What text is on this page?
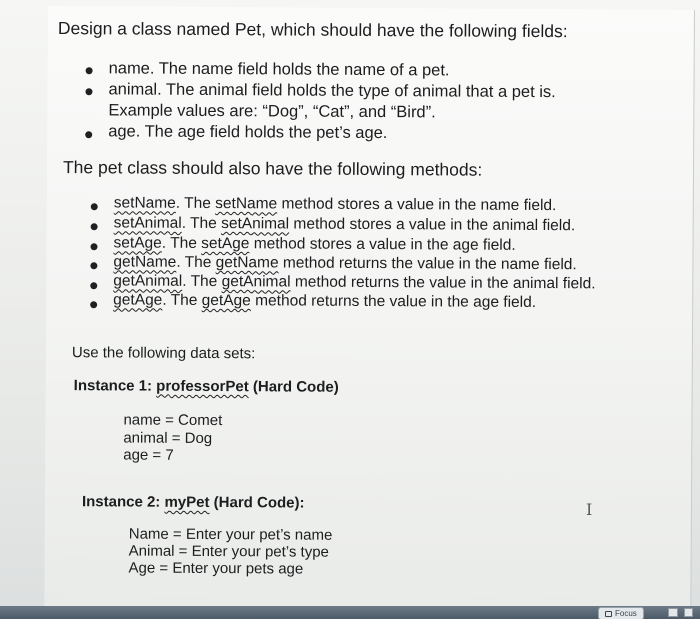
Design a class named Pet, which should have the following fields:
name. The name field holds the name of a pet.
animal. The animal field holds the type of animal that a pet is.
Example values are: “Dog”, “Cat”, and “Bird”.
age. The age field holds the pet’s age.
The pet class should also have the following methods:
setName. The setName method stores a value in the name field.
setAnimal. The setAnimal method stores a value in the animal field.
setAge. The setAge method stores a value in the age field.
getName. The getName method returns the value in the name field.
getAnimal. The getAnimal method returns the value in the animal field.
getAge. The getAge method returns the value in the age field.
Use the following data sets:
Instance 1: professorPet (Hard Code)
name = Comet
animal = Dog
age = 7
Instance 2: myPet (Hard Code):
Name = Enter your pet’s name
Animal = Enter your pet’s type
Age = Enter your pets age
I
Focus
